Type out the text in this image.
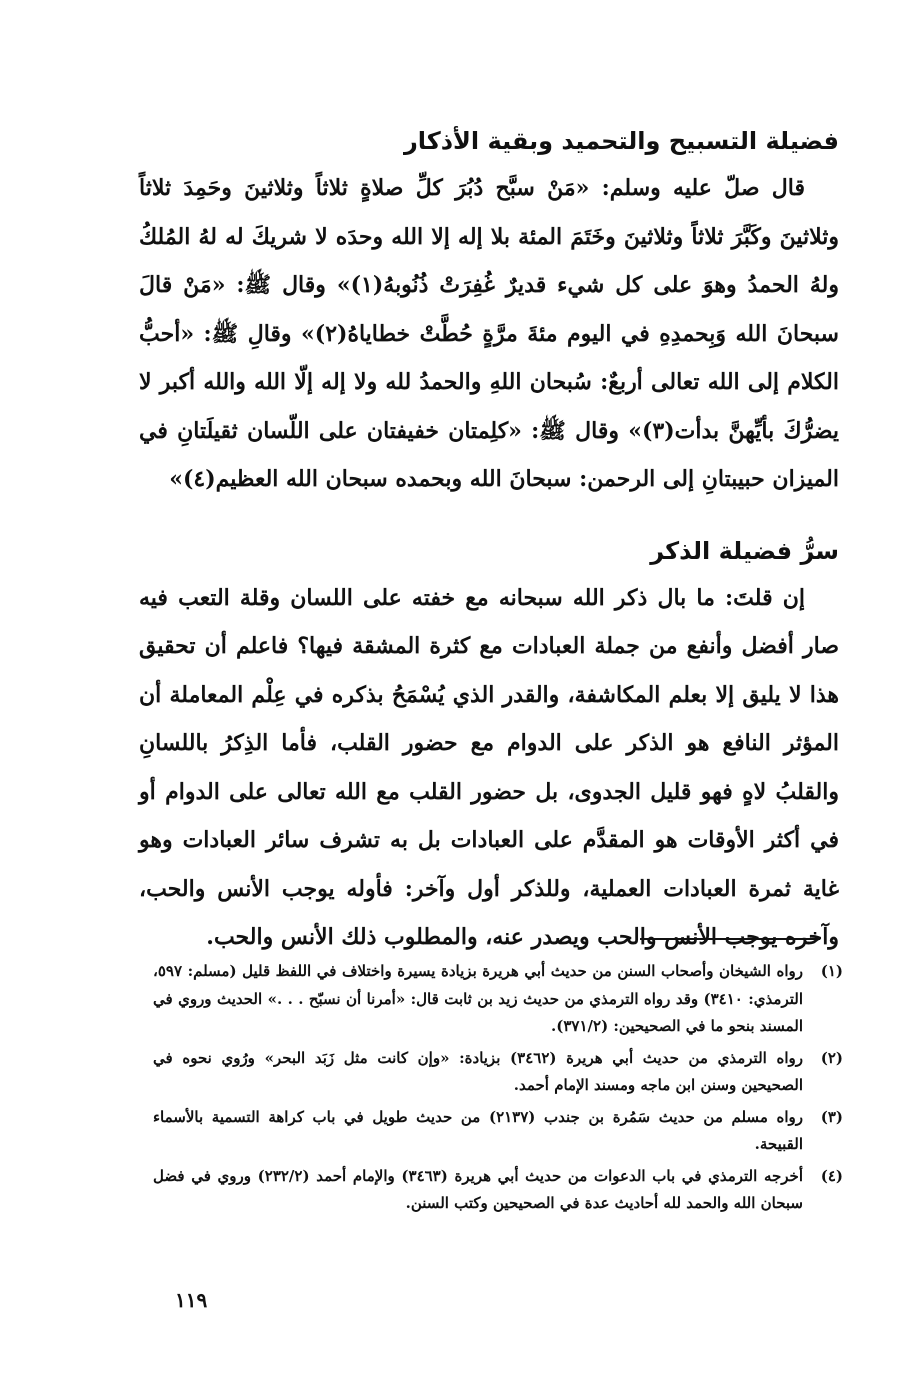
فضيلة التسبيح والتحميد وبقية الأذكار

قال صلّ عليه وسلم: «مَنْ سبَّح دُبُرَ كلِّ صلاةٍ ثلاثاً وثلاثينَ وحَمِدَ ثلاثاً وثلاثينَ وكَبَّرَ ثلاثاً وثلاثينَ وخَتَمَ المئة بلا إله إلا الله وحدَه لا شريكَ له لهُ المُلكُ ولهُ الحمدُ وهوَ على كل شيء قديرٌ غُفِرَتْ ذُنُوبهُ(١)» وقال ﷺ: «مَنْ قالَ سبحانَ الله وَبِحمدِهِ في اليوم مئةَ مرَّةٍ حُطَّتْ خطاياهُ(٢)» وقالِ ﷺ: «أحبُّ الكلام إلى الله تعالى أربعٌ: سُبحان اللهِ والحمدُ لله ولا إله إلّا الله والله أكبر لا يضرُّكَ بأيِّهنَّ بدأت(٣)» وقال ﷺ: «كلِمتان خفيفتان على اللّسان ثقيلَتانِ في الميزان حبيبتانِ إلى الرحمن: سبحانَ الله وبحمده سبحان الله العظيم(٤)»

سرُّ فضيلة الذكر

إن قلتَ: ما بال ذكر الله سبحانه مع خفته على اللسان وقلة التعب فيه صار أفضل وأنفع من جملة العبادات مع كثرة المشقة فيها؟ فاعلم أن تحقيق هذا لا يليق إلا بعلم المكاشفة، والقدر الذي يُسْمَحُ بذكره في عِلْم المعاملة أن المؤثر النافع هو الذكر على الدوام مع حضور القلب، فأما الذِكرُ باللسانِ والقلبُ لاهٍ فهو قليل الجدوى، بل حضور القلب مع الله تعالى على الدوام أو في أكثر الأوقات هو المقدَّم على العبادات بل به تشرف سائر العبادات وهو غاية ثمرة العبادات العملية، وللذكر أول وآخر: فأوله يوجب الأنس والحب، وآخره يوجب الأنس والحب ويصدر عنه، والمطلوب ذلك الأنس والحب.

(١)
رواه الشيخان وأصحاب السنن من حديث أبي هريرة بزيادة يسيرة واختلاف في اللفظ قليل (مسلم: ٥٩٧، الترمذي: ٣٤١٠) وقد رواه الترمذي من حديث زيد بن ثابت قال: «أمرنا أن نسبّح . . .» الحديث وروي في المسند بنحو ما في الصحيحين: (٣٧١/٢).
(٢)
رواه الترمذي من حديث أبي هريرة (٣٤٦٢) بزيادة: «وإن كانت مثل زَبَد البحر» ورُوي نحوه في الصحيحين وسنن ابن ماجه ومسند الإمام أحمد.
(٣)
رواه مسلم من حديث سَمُرة بن جندب (٢١٣٧) من حديث طويل في باب كراهة التسمية بالأسماء القبيحة.
(٤)
أخرجه الترمذي في باب الدعوات من حديث أبي هريرة (٣٤٦٣) والإمام أحمد (٢٣٢/٢) وروي في فضل سبحان الله والحمد لله أحاديث عدة في الصحيحين وكتب السنن.
١١٩
